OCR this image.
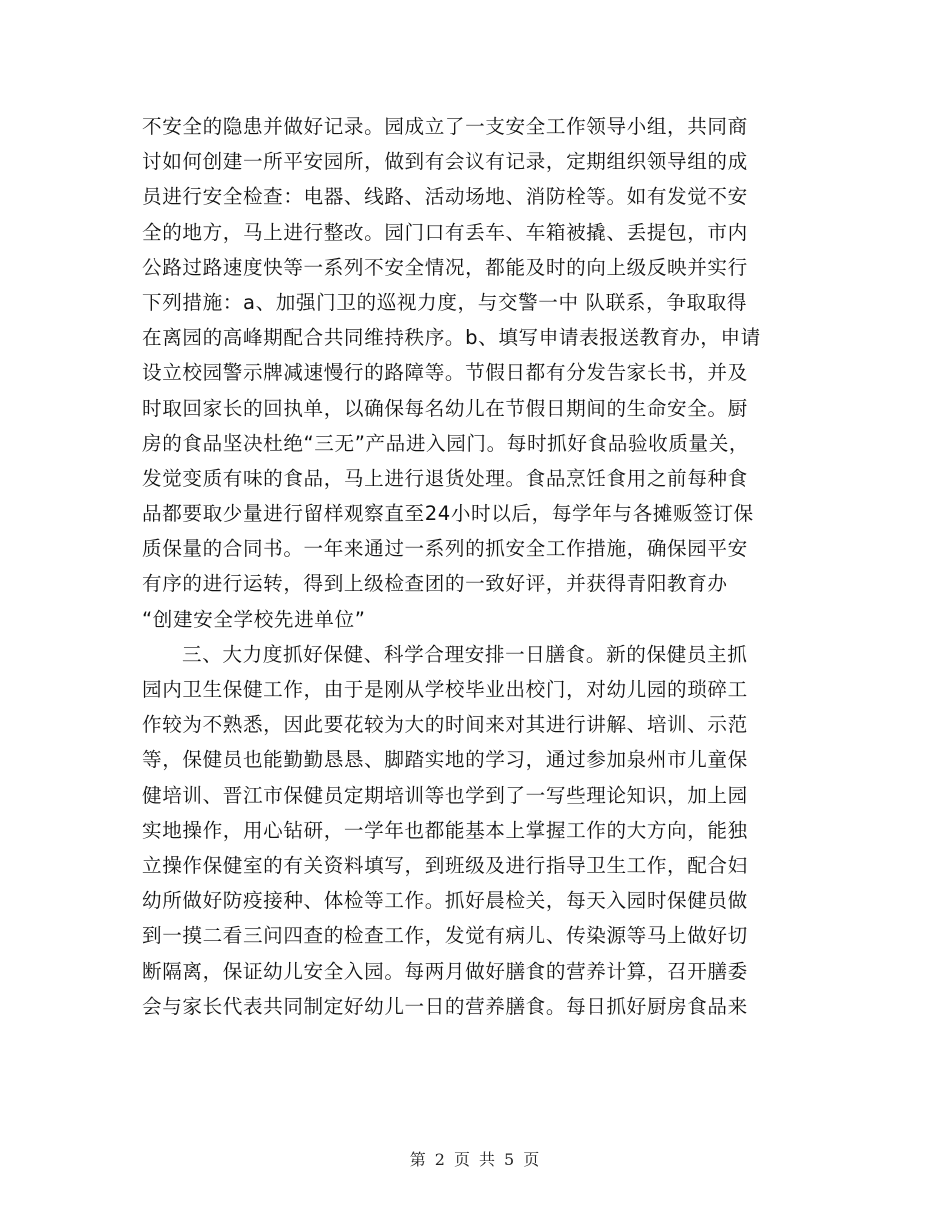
不安全的隐患并做好记录。园成立了一支安全工作领导小组，共同商
讨如何创建一所平安园所，做到有会议有记录，定期组织领导组的成
员进行安全检查：电器、线路、活动场地、消防栓等。如有发觉不安
全的地方，马上进行整改。园门口有丢车、车箱被撬、丢提包，市内
公路过路速度快等一系列不安全情况，都能及时的向上级反映并实行
下列措施：a、加强门卫的巡视力度，与交警一中 队联系，争取取得
在离园的高峰期配合共同维持秩序。b、填写申请表报送教育办，申请
设立校园警示牌减速慢行的路障等。节假日都有分发告家长书，并及
时取回家长的回执单，以确保每名幼儿在节假日期间的生命安全。厨
房的食品坚决杜绝“三无”产品进入园门。每时抓好食品验收质量关，
发觉变质有味的食品，马上进行退货处理。食品烹饪食用之前每种食
品都要取少量进行留样观察直至24小时以后，每学年与各摊贩签订保
质保量的合同书。一年来通过一系列的抓安全工作措施，确保园平安
有序的进行运转，得到上级检查团的一致好评，并获得青阳教育办
“创建安全学校先进单位”
三、大力度抓好保健、科学合理安排一日膳食。新的保健员主抓
园内卫生保健工作，由于是刚从学校毕业出校门，对幼儿园的琐碎工
作较为不熟悉，因此要花较为大的时间来对其进行讲解、培训、示范
等，保健员也能勤勤恳恳、脚踏实地的学习，通过参加泉州市儿童保
健培训、晋江市保健员定期培训等也学到了一写些理论知识，加上园
实地操作，用心钻研，一学年也都能基本上掌握工作的大方向，能独
立操作保健室的有关资料填写，到班级及进行指导卫生工作，配合妇
幼所做好防疫接种、体检等工作。抓好晨检关，每天入园时保健员做
到一摸二看三问四查的检查工作，发觉有病儿、传染源等马上做好切
断隔离，保证幼儿安全入园。每两月做好膳食的营养计算，召开膳委
会与家长代表共同制定好幼儿一日的营养膳食。每日抓好厨房食品来
第 2 页 共 5 页
